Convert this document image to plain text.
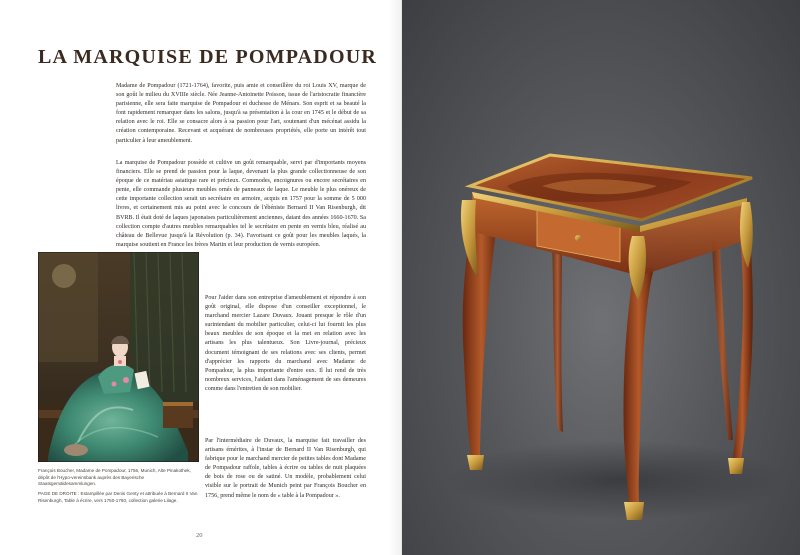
LA MARQUISE DE POMPADOUR

Madame de Pompadour (1721-1764), favorite, puis amie et conseillère du roi Louis XV, marque de son goût le milieu du XVIIIe siècle. Née Jeanne-Antoinette Poisson, issue de l'aristocratie financière parisienne, elle sera faite marquise de Pompadour et duchesse de Ménars. Son esprit et sa beauté la font rapidement remarquer dans les salons, jusqu'à sa présentation à la cour en 1745 et le début de sa relation avec le roi. Elle se consacre alors à sa passion pour l'art, soutenant d'un mécénat assidu la création contemporaine. Recevant et acquérant de nombreuses propriétés, elle porte un intérêt tout particulier à leur ameublement.

La marquise de Pompadour possède et cultive un goût remarquable, servi par d'importants moyens financiers. Elle se prend de passion pour la laque, devenant la plus grande collectionneuse de son époque de ce matériau asiatique rare et précieux. Commodes, encoignures ou encore secrétaires en pente, elle commande plusieurs meubles ornés de panneaux de laque. Le meuble le plus onéreux de cette importante collection serait un secrétaire en armoire, acquis en 1757 pour la somme de 5 000 livres, et certainement mis au point avec le concours de l'ébéniste Bernard II Van Risenburgh, dit BVRB. Il était doté de laques japonaises particulièrement anciennes, datant des années 1660-1670. Sa collection compte d'autres meubles remarquables tel le secrétaire en pente en vernis bleu, réalisé au château de Bellevue jusqu'à la Révolution (p. 34). Favorisant ce goût pour les meubles laqués, la marquise soutient en France les frères Martin et leur production de vernis européen.

Pour l'aider dans son entreprise d'ameublement et répondre à son goût original, elle dispose d'un conseiller exceptionnel, le marchand mercier Lazare Duvaux. Jouant presque le rôle d'un surintendant du mobilier particulier, celui-ci lui fournit les plus beaux meubles de son époque et la met en relation avec les artisans les plus talentueux. Son Livre-journal, précieux document témoignant de ses relations avec ses clients, permet d'apprécier les rapports du marchand avec Madame de Pompadour, la plus importante d'entre eux. Il lui rend de très nombreux services, l'aidant dans l'aménagement de ses demeures comme dans l'entretien de son mobilier.

Par l'intermédiaire de Duvaux, la marquise fait travailler des artisans émérites, à l'instar de Bernard II Van Risenburgh, qui fabrique pour le marchand mercier de petites tables dont Madame de Pompadour raffole, tables à écrire ou tables de nuit plaquées de bois de rose ou de satiné. Un modèle, probablement celui visible sur le portrait de Munich peint par François Boucher en 1756, prend même le nom de « table à la Pompadour ».

François Boucher, Madame de Pompadour, 1756, Munich, Alte Pinakothek, dépôt de l'Hypo-vereinsbank auprès des Bayerische Staatsgemäldesammlungen.

PAGE DE DROITE : Estampillée par Denis Genty et attribuée à Bernard II Van Risenburgh, Table à écrire, vers 1750-1760, collection galerie Lilage.

20
